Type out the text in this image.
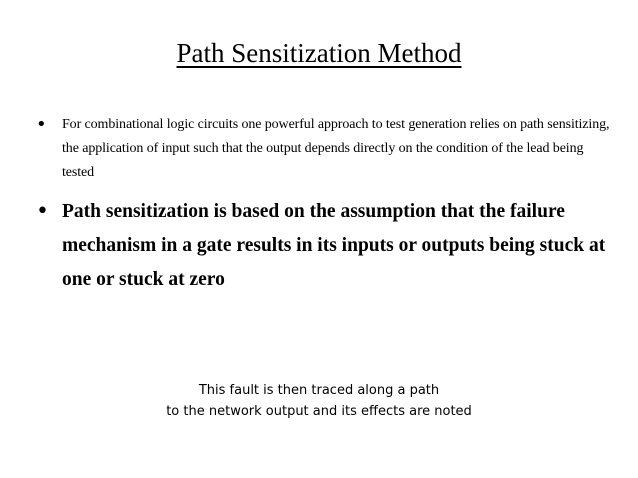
Path Sensitization Method
• For combinational logic circuits one powerful approach to test generation relies on path sensitizing, the application of input such that the output depends directly on the condition of the lead being tested
• Path sensitization is based on the assumption that the failure mechanism in a gate results in its inputs or outputs being stuck at one or stuck at zero
This fault is then traced along a path
to the network output and its effects are noted
